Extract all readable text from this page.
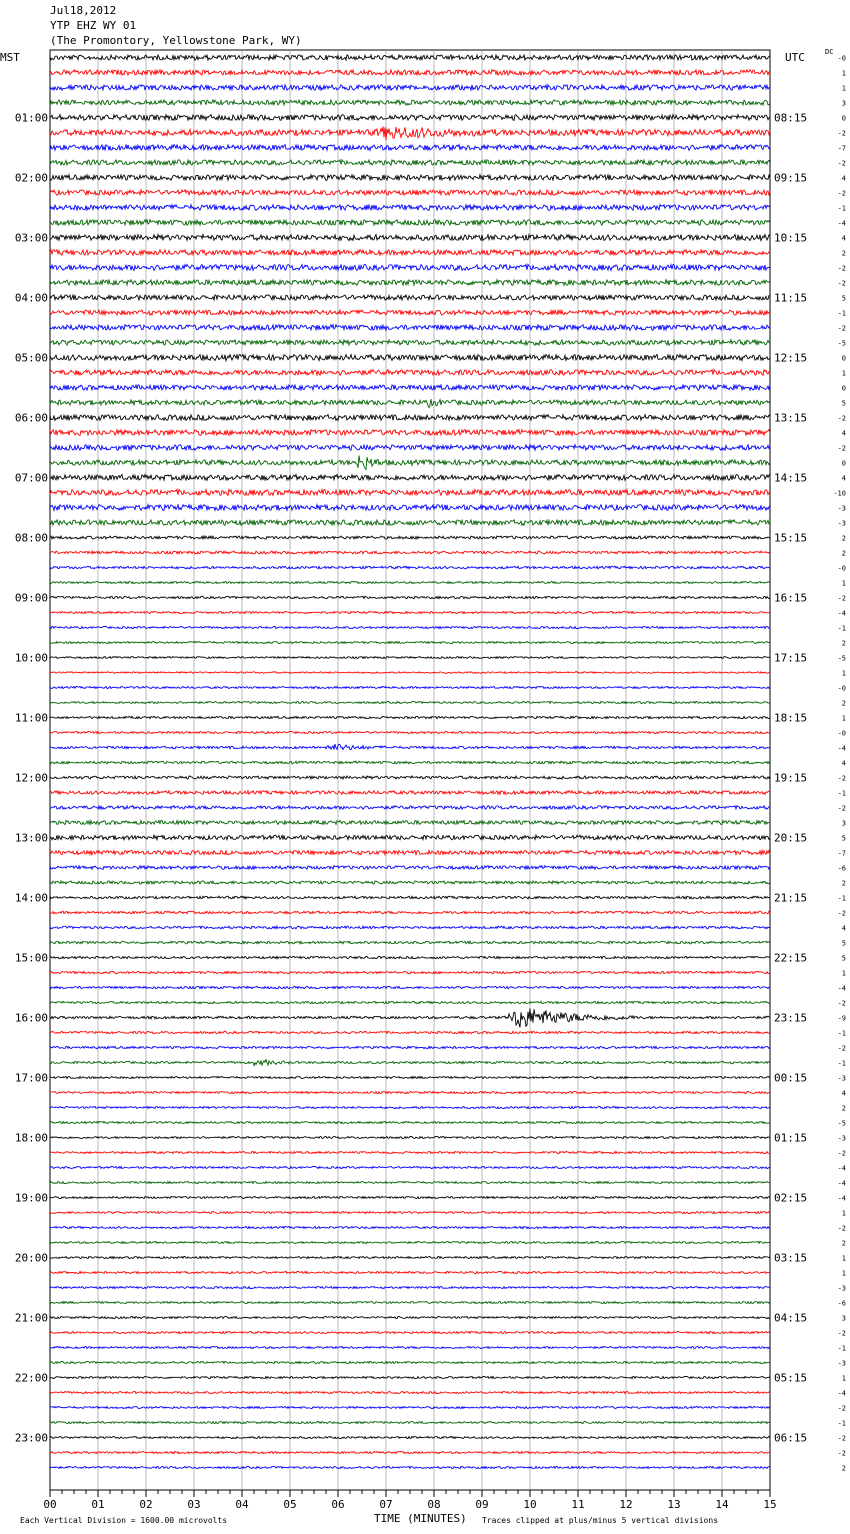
Jul18,2012
YTP EHZ WY 01
(The Promontory, Yellowstone Park, WY)
MST	UTC	DC
-0
1
1
3
0
-2
-7
-2
4
-2
-1
-4
4
2
-2
-2
5
-1
-2
-5
0
1
0
5
-2
4
-2
0
4
-10
-3
-3
2
2
-0
1
-2
-4
-1
2
-5
1
-0
2
1
-0
-4
4
-2
-1
-2
3
5
-7
-6
2
-1
-2
4
5
5
1
-4
-2
-9
-1
-2
-1
-3
4
2
-5
-3
-2
-4
-4
-4
1
-2
2
1
1
-3
-6
3
-2
-1
-3
1
-4
-2
-1
-2
-2
2
01:00
02:00
03:00
04:00
05:00
06:00
07:00
08:00
09:00
10:00
11:00
12:00
13:00
14:00
15:00
16:00
17:00
18:00
19:00
20:00
21:00
22:00
23:00
08:15
09:15
10:15
11:15
12:15
13:15
14:15
15:15
16:15
17:15
18:15
19:15
20:15
21:15
22:15
23:15
00:15
01:15
02:15
03:15
04:15
05:15
06:15
00	01	02	03	04	05	06	07	08	09	10	11	12	13	14	15
Each Vertical Division = 1600.00 microvolts	TIME (MINUTES) Traces clipped at plus/minus 5 vertical divisions
